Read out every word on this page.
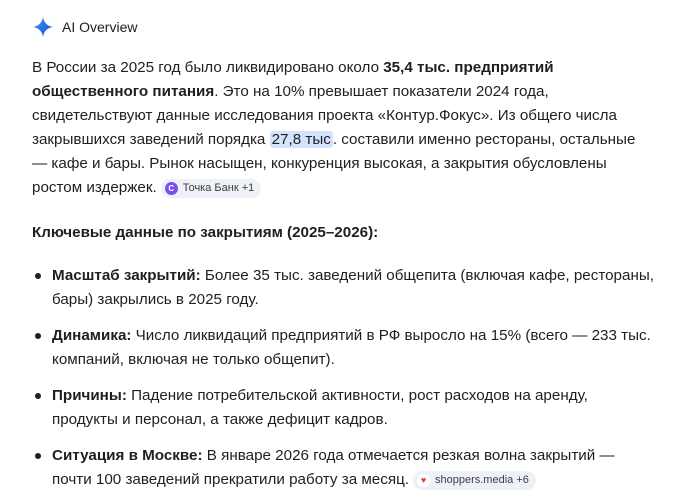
AI Overview

В России за 2025 год было ликвидировано около 35,4 тыс. предприятий общественного питания. Это на 10% превышает показатели 2024 года, свидетельствуют данные исследования проекта «Контур.Фокус». Из общего числа закрывшихся заведений порядка 27,8 тыс . составили именно рестораны, остальные — кафе и бары. Рынок насыщен, конкуренция высокая, а закрытия обусловлены ростом издержек.	С Точка Банк +1

Ключевые данные по закрытиям (2025–2026):

Масштаб закрытий: Более 35 тыс. заведений общепита (включая кафе, рестораны, бары) закрылись в 2025 году.
Динамика: Число ликвидаций предприятий в РФ выросло на 15% (всего — 233 тыс. компаний, включая не только общепит).
Причины: Падение потребительской активности, рост расходов на аренду, продукты и персонал, а также дефицит кадров.
Ситуация в Москве: В январе 2026 года отмечается резкая волна закрытий — почти 100 заведений прекратили работу за месяц.	♥ shoppers.media +6
